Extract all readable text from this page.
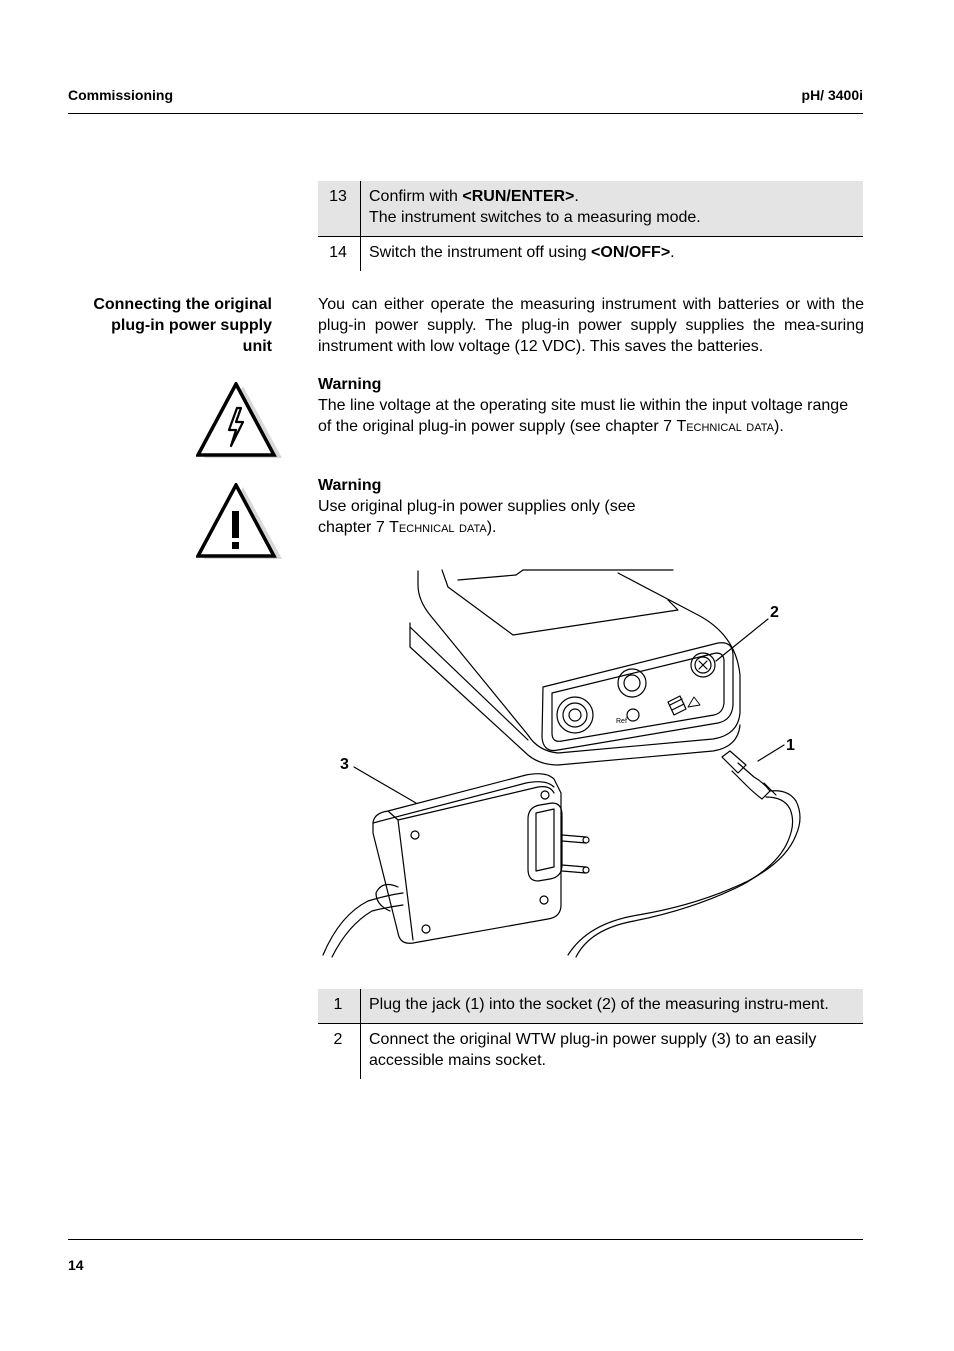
Commissioning	pH/ 3400i
13	Confirm with <RUN/ENTER>.
The instrument switches to a measuring mode.
14	Switch the instrument off using <ON/OFF>.
Connecting the original
plug-in power supply
unit
You can either operate the measuring instrument with batteries or with the plug-in power supply. The plug-in power supply supplies the mea-suring instrument with low voltage (12 VDC). This saves the batteries.
Warning
The line voltage at the operating site must lie within the input voltage range of the original plug-in power supply (see chapter 7 Technical data).
Warning
Use original plug-in power supplies only (see chapter 7 Technical data).
Ref
2
1
3
1	Plug the jack (1) into the socket (2) of the measuring instru-ment.
2	Connect the original WTW plug-in power supply (3) to an easily accessible mains socket.
14
